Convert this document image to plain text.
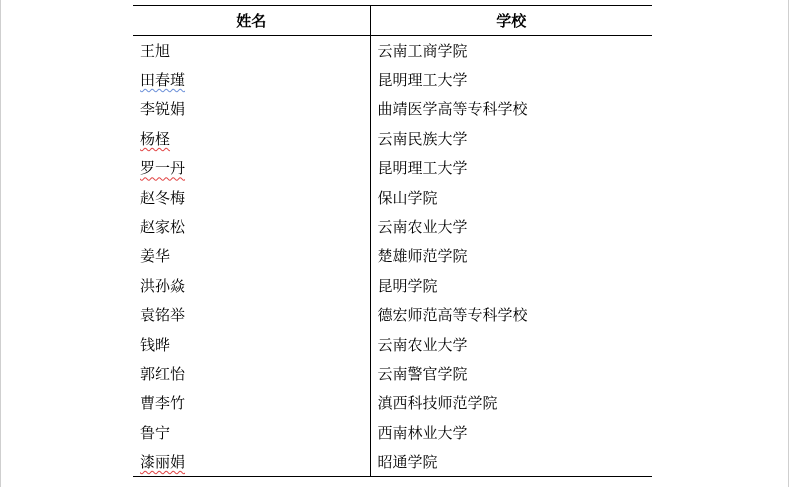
姓名	学校
王旭	云南工商学院
田春瑾	昆明理工大学
李锐娟	曲靖医学高等专科学校
杨柽	云南民族大学
罗一丹	昆明理工大学
赵冬梅	保山学院
赵家松	云南农业大学
姜华	楚雄师范学院
洪孙焱	昆明学院
袁铭举	德宏师范高等专科学校
钱晔	云南农业大学
郭红怡	云南警官学院
曹李竹	滇西科技师范学院
鲁宁	西南林业大学
漆丽娟	昭通学院
